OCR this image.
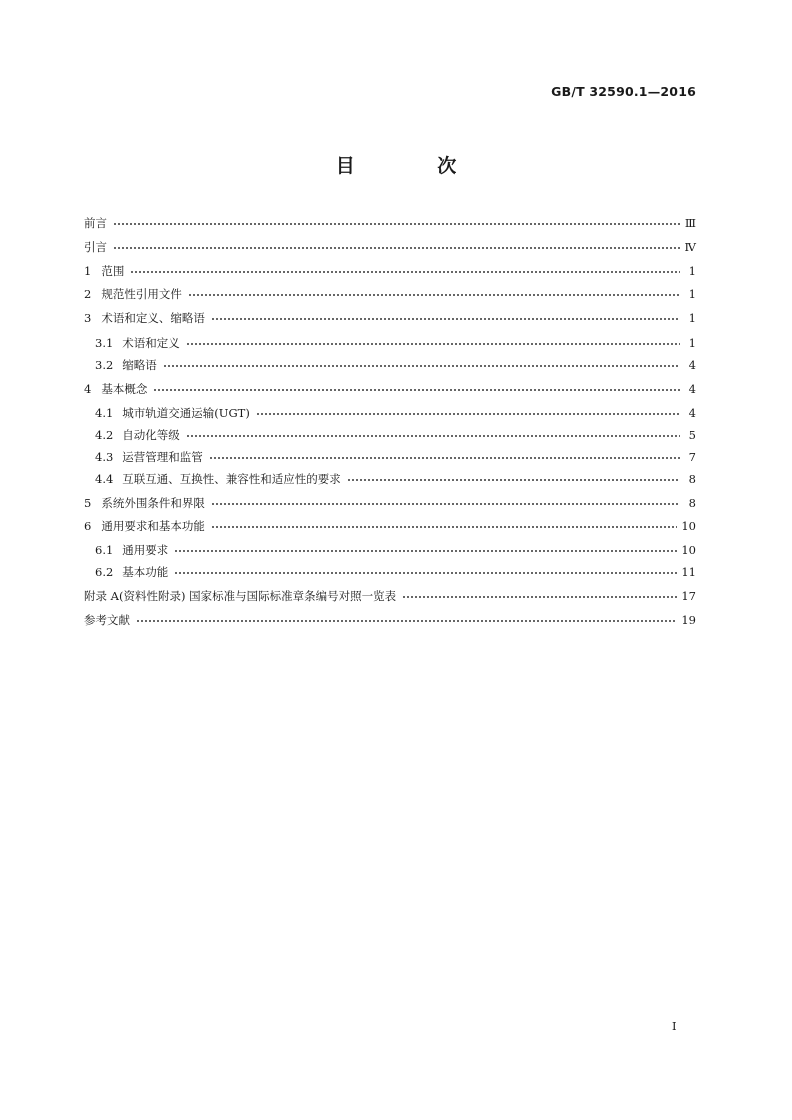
GB/T 32590.1—2016
目 次
前言	Ⅲ
引言	Ⅳ
1 范围	1
2 规范性引用文件	1
3 术语和定义、缩略语	1
3.1 术语和定义	1
3.2 缩略语	4
4 基本概念	4
4.1 城市轨道交通运输(UGT)	4
4.2 自动化等级	5
4.3 运营管理和监管	7
4.4 互联互通、互换性、兼容性和适应性的要求	8
5 系统外围条件和界限	8
6 通用要求和基本功能	10
6.1 通用要求	10
6.2 基本功能	11
附录 A(资料性附录) 国家标准与国际标准章条编号对照一览表	17
参考文献	19
Ⅰ
